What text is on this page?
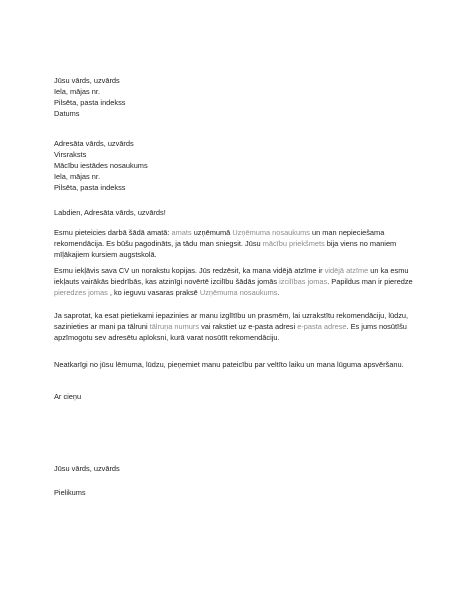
Jūsu vārds, uzvārds
Iela, mājas nr.
Pilsēta, pasta indekss
Datums
Adresāta vārds, uzvārds
Virsraksts
Mācību iestādes nosaukums
Iela, mājas nr.
Pilsēta, pasta indekss
Labdien, Adresāta vārds, uzvārds!
Esmu pieteicies darbā šādā amatā: amats uzņēmumā Uzņēmuma nosaukums un man nepieciešama rekomendācija. Es būšu pagodināts, ja tādu man sniegsit. Jūsu mācību priekšmets bija viens no maniem mīļākajiem kursiem augstskolā.
Esmu iekļāvis sava CV un norakstu kopijas. Jūs redzēsit, ka mana vidējā atzīme ir vidējā atzīme un ka esmu iekļauts vairākās biedrībās, kas atzinīgi novērtē izcilību šādās jomās izcilības jomas. Papildus man ir pieredze pieredzes jomas , ko ieguvu vasaras praksē Uzņēmuma nosaukums.
Ja saprotat, ka esat pietiekami iepazinies ar manu izglītību un prasmēm, lai uzrakstītu rekomendāciju, lūdzu, sazinieties ar mani pa tālruni tālruņa numurs vai rakstiet uz e-pasta adresi e-pasta adrese. Es jums nosūtīšu apzīmogotu sev adresētu aploksni, kurā varat nosūtīt rekomendāciju.
Neatkarīgi no jūsu lēmuma, lūdzu, pieņemiet manu pateicību par veltīto laiku un mana lūguma apsvēršanu.
Ar cieņu
Jūsu vārds, uzvārds
Pielikums
